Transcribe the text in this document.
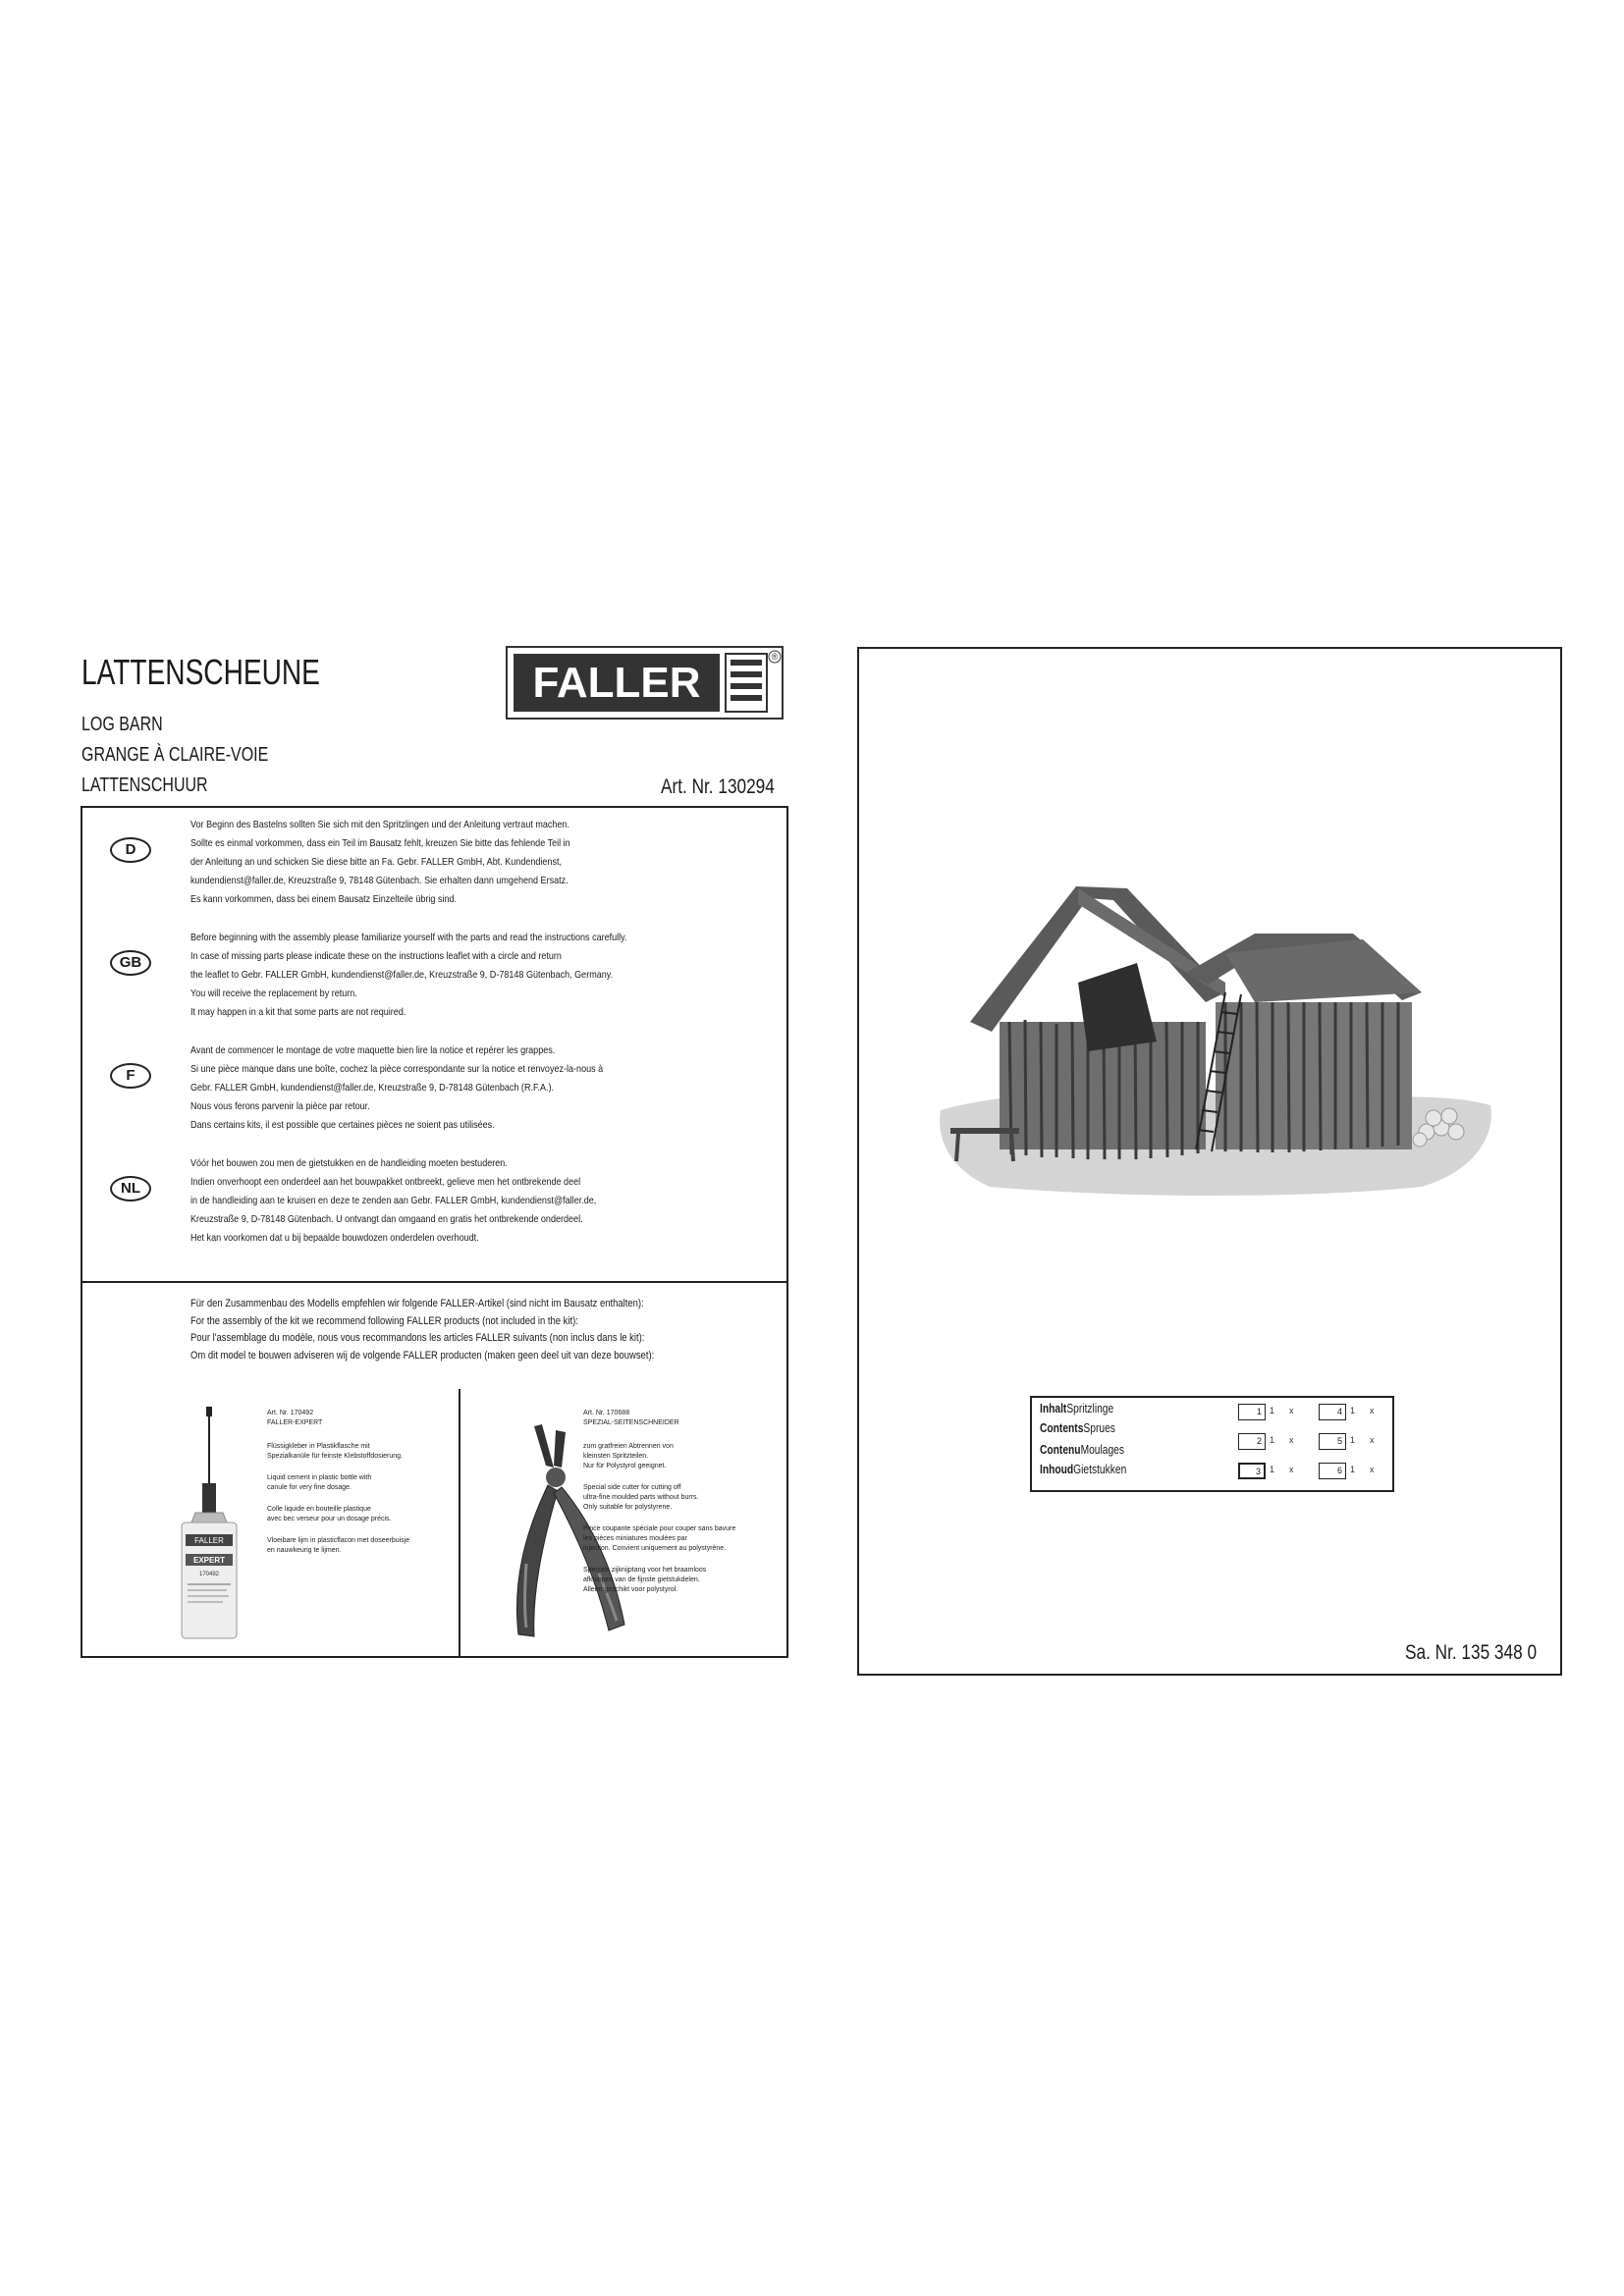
LATTENSCHEUNE
LOG BARN
GRANGE À CLAIRE-VOIE
LATTENSCHUUR
FALLER
®
Art. Nr. 130294
D
Vor Beginn des Bastelns sollten Sie sich mit den Spritzlingen und der Anleitung vertraut machen.
Sollte es einmal vorkommen, dass ein Teil im Bausatz fehlt, kreuzen Sie bitte das fehlende Teil in
der Anleitung an und schicken Sie diese bitte an Fa. Gebr. FALLER GmbH, Abt. Kundendienst,
kundendienst@faller.de, Kreuzstraße 9, 78148 Gütenbach. Sie erhalten dann umgehend Ersatz.
Es kann vorkommen, dass bei einem Bausatz Einzelteile übrig sind.
GB
Before beginning with the assembly please familiarize yourself with the parts and read the instructions carefully.
In case of missing parts please indicate these on the instructions leaflet with a circle and return
the leaflet to Gebr. FALLER GmbH, kundendienst@faller.de, Kreuzstraße 9, D-78148 Gütenbach, Germany.
You will receive the replacement by return.
It may happen in a kit that some parts are not required.
F
Avant de commencer le montage de votre maquette bien lire la notice et repérer les grappes.
Si une pièce manque dans une boîte, cochez la pièce correspondante sur la notice et renvoyez-la-nous à
Gebr. FALLER GmbH, kundendienst@faller.de, Kreuzstraße 9, D-78148 Gütenbach (R.F.A.).
Nous vous ferons parvenir la pièce par retour.
Dans certains kits, il est possible que certaines pièces ne soient pas utilisées.
NL
Vóór het bouwen zou men de gietstukken en de handleiding moeten bestuderen.
Indien onverhoopt een onderdeel aan het bouwpakket ontbreekt, gelieve men het ontbrekende deel
in de handleiding aan te kruisen en deze te zenden aan Gebr. FALLER GmbH, kundendienst@faller.de,
Kreuzstraße 9, D-78148 Gütenbach. U ontvangt dan omgaand en gratis het ontbrekende onderdeel.
Het kan voorkomen dat u bij bepaalde bouwdozen onderdelen overhoudt.
Für den Zusammenbau des Modells empfehlen wir folgende FALLER-Artikel (sind nicht im Bausatz enthalten):
For the assembly of the kit we recommend following FALLER products (not included in the kit):
Pour l'assemblage du modèle, nous vous recommandons les articles FALLER suivants (non inclus dans le kit):
Om dit model te bouwen adviseren wij de volgende FALLER producten (maken geen deel uit van deze bouwset):
FALLER
EXPERT
170492
Art. Nr. 170492
FALLER-EXPERT
Flüssigkleber in Plastikflasche mit
Spezialkanüle für feinste Klebstoffdosierung.
Liquid cement in plastic bottle with
canule for very fine dosage.
Colle liquide en bouteille plastique
avec bec verseur pour un dosage précis.
Vloeibare lijm in plasticflacon met doseerbuisje
en nauwkeurig te lijmen.
Art. Nr. 170688
SPEZIAL-SEITENSCHNEIDER
zum gratfreien Abtrennen von
kleinsten Spritzteilen.
Nur für Polystyrol geeignet.
Special side cutter for cutting off
ultra-fine moulded parts without burrs.
Only suitable for polystyrene.
Pince coupante spéciale pour couper sans bavure
les pièces miniatures moulées par
injection. Convient uniquement au polystyrène.
Speciale zijknijptang voor het braamloos
afknippen van de fijnste gietstukdelen.
Alleen geschikt voor polystyrol.
InhaltSpritzlinge
ContentsSprues
ContenuMoulages
InhoudGietstukken
1 1 x
2 1 x
3	1 x
4 1 x
5 1 x
6 1 x
Sa. Nr. 135 348 0
